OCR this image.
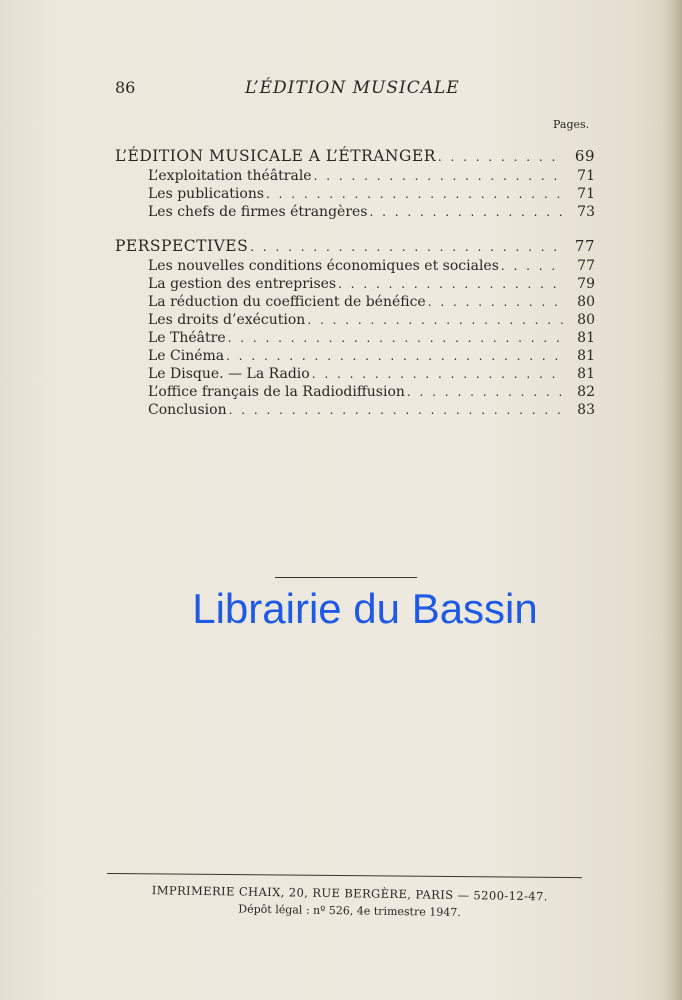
86	L’ÉDITION MUSICALE
Pages.
L’ÉDITION MUSICALE A L’ÉTRANGER . . .	69
L’exploitation théâtrale . . .	71
Les publications . . .	71
Les chefs de firmes étrangères . . .	73
PERSPECTIVES . . .	77
Les nouvelles conditions économiques et sociales . . .	77
La gestion des entreprises . . .	79
La réduction du coefficient de bénéfice . . .	80
Les droits d’exécution . . .	80
Le Théâtre . . .	81
Le Cinéma . . .	81
Le Disque. — La Radio . . .	81
L’office français de la Radiodiffusion . . .	82
Conclusion . . .	83
Librairie du Bassin
IMPRIMERIE CHAIX, 20, RUE BERGÈRE, PARIS — 5200-12-47.
Dépôt légal : nº 526, 4e trimestre 1947.
